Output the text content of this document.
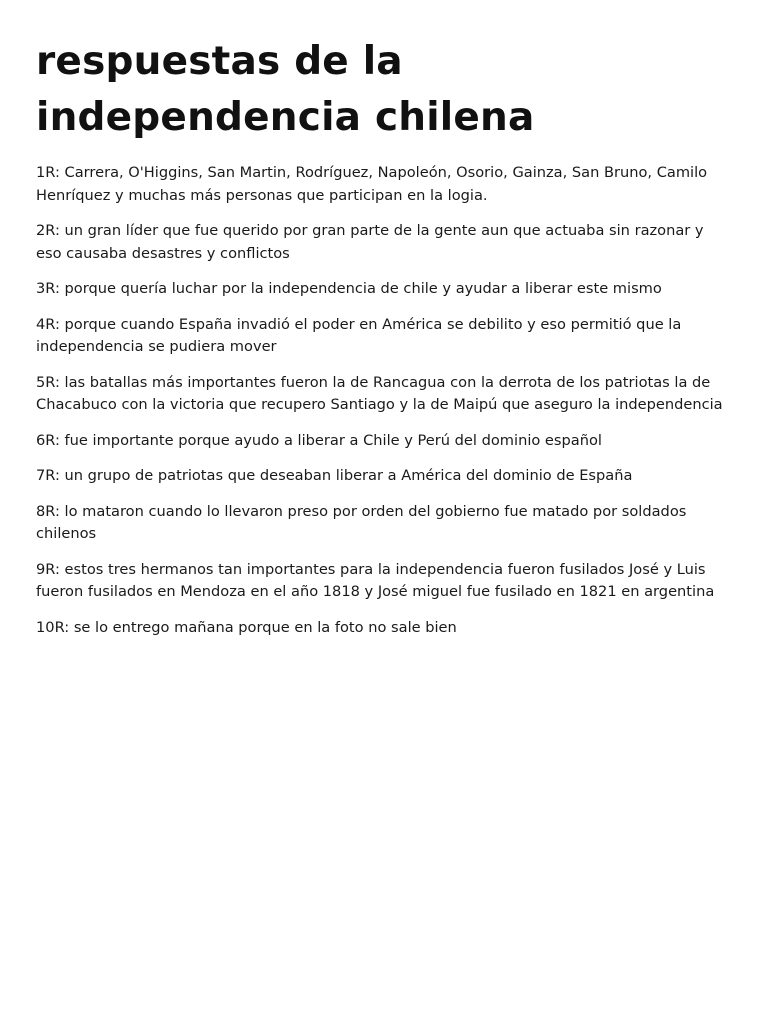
respuestas de la independencia chilena

1R: Carrera, O'Higgins, San Martin, Rodríguez, Napoleón, Osorio, Gainza, San Bruno, Camilo Henríquez y muchas más personas que participan en la logia.

2R: un gran líder que fue querido por gran parte de la gente aun que actuaba sin razonar y eso causaba desastres y conflictos

3R: porque quería luchar por la independencia de chile y ayudar a liberar este mismo

4R: porque cuando España invadió el poder en América se debilito y eso permitió que la independencia se pudiera mover

5R: las batallas más importantes fueron la de Rancagua con la derrota de los patriotas la de Chacabuco con la victoria que recupero Santiago y la de Maipú que aseguro la independencia

6R: fue importante porque ayudo a liberar a Chile y Perú del dominio español

7R: un grupo de patriotas que deseaban liberar a América del dominio de España

8R: lo mataron cuando lo llevaron preso por orden del gobierno fue matado por soldados chilenos

9R: estos tres hermanos tan importantes para la independencia fueron fusilados José y Luis fueron fusilados en Mendoza en el año 1818 y José miguel fue fusilado en 1821 en argentina

10R: se lo entrego mañana porque en la foto no sale bien
